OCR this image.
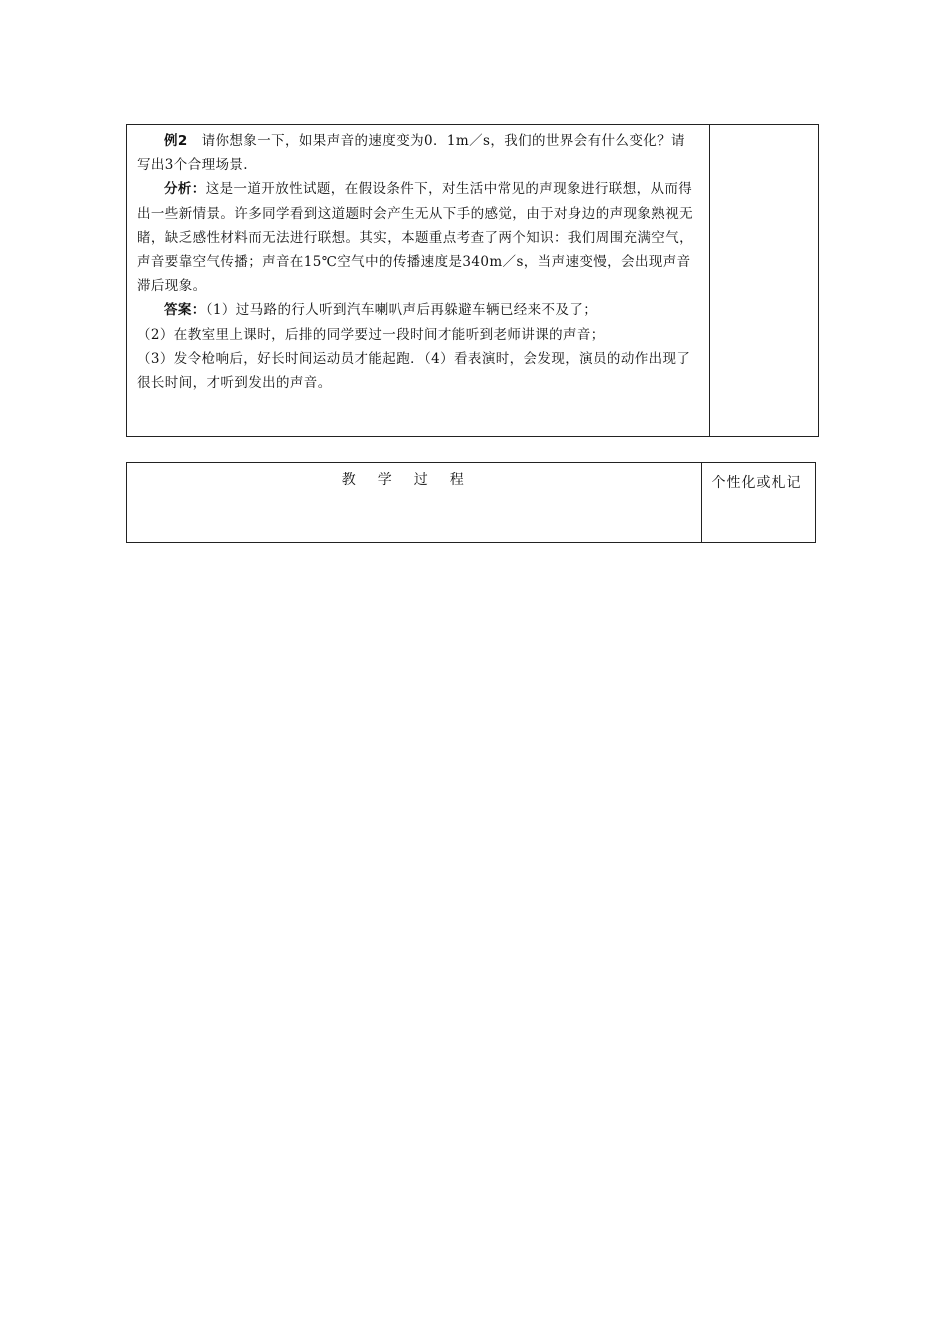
例2　 请你想象一下，如果声音的速度变为0．1m／s，我们的世界会有什么变化？请写出3个合理场景.

分析：这是一道开放性试题，在假设条件下，对生活中常见的声现象进行联想，从而得出一些新情景。许多同学看到这道题时会产生无从下手的感觉，由于对身边的声现象熟视无睹，缺乏感性材料而无法进行联想。其实，本题重点考查了两个知识：我们周围充满空气，声音要靠空气传播；声音在15℃空气中的传播速度是340m／s，当声速变慢，会出现声音滞后现象。

答案：（1）过马路的行人听到汽车喇叭声后再躲避车辆已经来不及了；

（2）在教室里上课时，后排的同学要过一段时间才能听到老师讲课的声音；

（3）发令枪响后，好长时间运动员才能起跑．（4）看表演时，会发现，演员的动作出现了很长时间，才听到发出的声音。

教学过程	个性化或札记
